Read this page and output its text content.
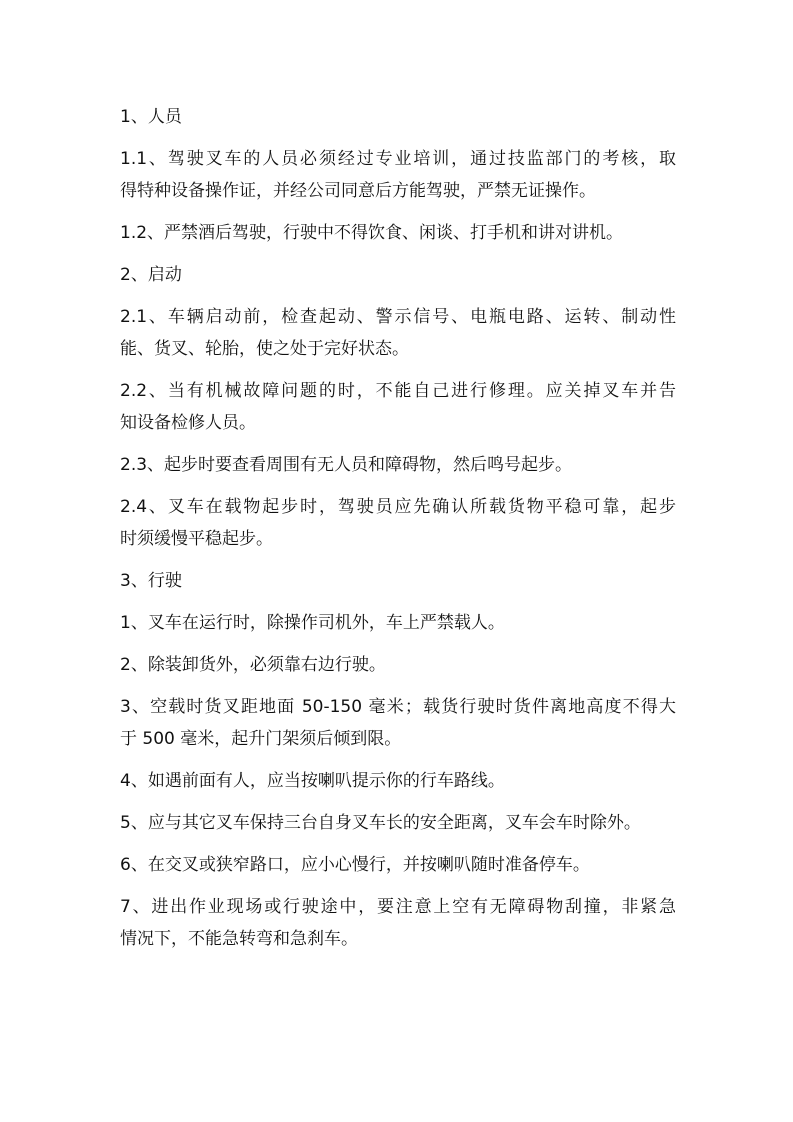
1、人员
1.1、驾驶叉车的人员必须经过专业培训，通过技监部门的考核，取
得特种设备操作证，并经公司同意后方能驾驶，严禁无证操作。
1.2、严禁酒后驾驶，行驶中不得饮食、闲谈、打手机和讲对讲机。
2、启动
2.1、车辆启动前，检查起动、警示信号、电瓶电路、运转、制动性
能、货叉、轮胎，使之处于完好状态。
2.2、当有机械故障问题的时，不能自己进行修理。应关掉叉车并告
知设备检修人员。
2.3、起步时要查看周围有无人员和障碍物，然后鸣号起步。
2.4、叉车在载物起步时，驾驶员应先确认所载货物平稳可靠，起步
时须缓慢平稳起步。
3、行驶
1、叉车在运行时，除操作司机外，车上严禁载人。
2、除装卸货外，必须靠右边行驶。
3、空载时货叉距地面 50-150 毫米；载货行驶时货件离地高度不得大
于 500 毫米，起升门架须后倾到限。
4、如遇前面有人，应当按喇叭提示你的行车路线。
5、应与其它叉车保持三台自身叉车长的安全距离，叉车会车时除外。
6、在交叉或狭窄路口，应小心慢行，并按喇叭随时准备停车。
7、进出作业现场或行驶途中，要注意上空有无障碍物刮撞，非紧急
情况下，不能急转弯和急刹车。
